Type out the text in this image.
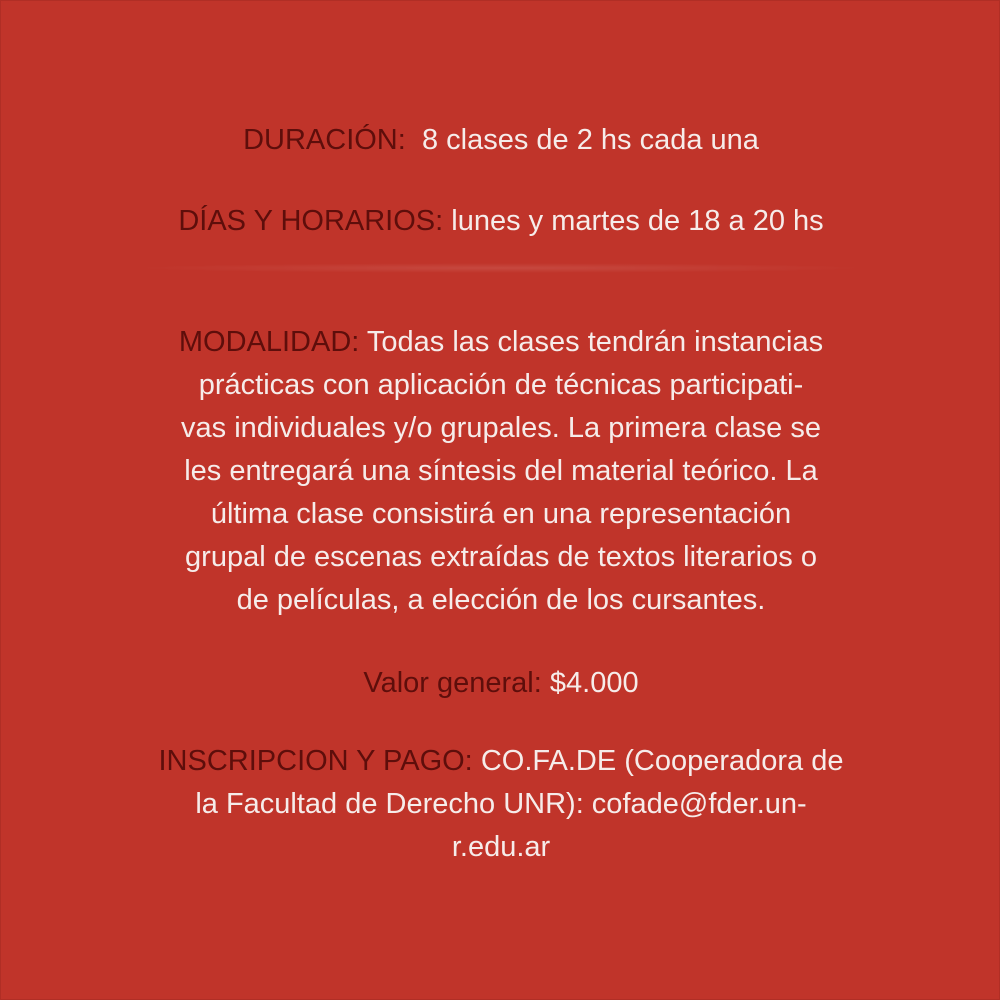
DURACIÓN: 8 clases de 2 hs cada una
DÍAS Y HORARIOS: lunes y martes de 18 a 20 hs
MODALIDAD: Todas las clases tendrán instancias
prácticas con aplicación de técnicas participati-
vas individuales y/o grupales. La primera clase se
les entregará una síntesis del material teórico. La
última clase consistirá en una representación
grupal de escenas extraídas de textos literarios o
de películas, a elección de los cursantes.
Valor general: $4.000
INSCRIPCION Y PAGO: CO.FA.DE (Cooperadora de
la Facultad de Derecho UNR): cofade@fder.un-
r.edu.ar
